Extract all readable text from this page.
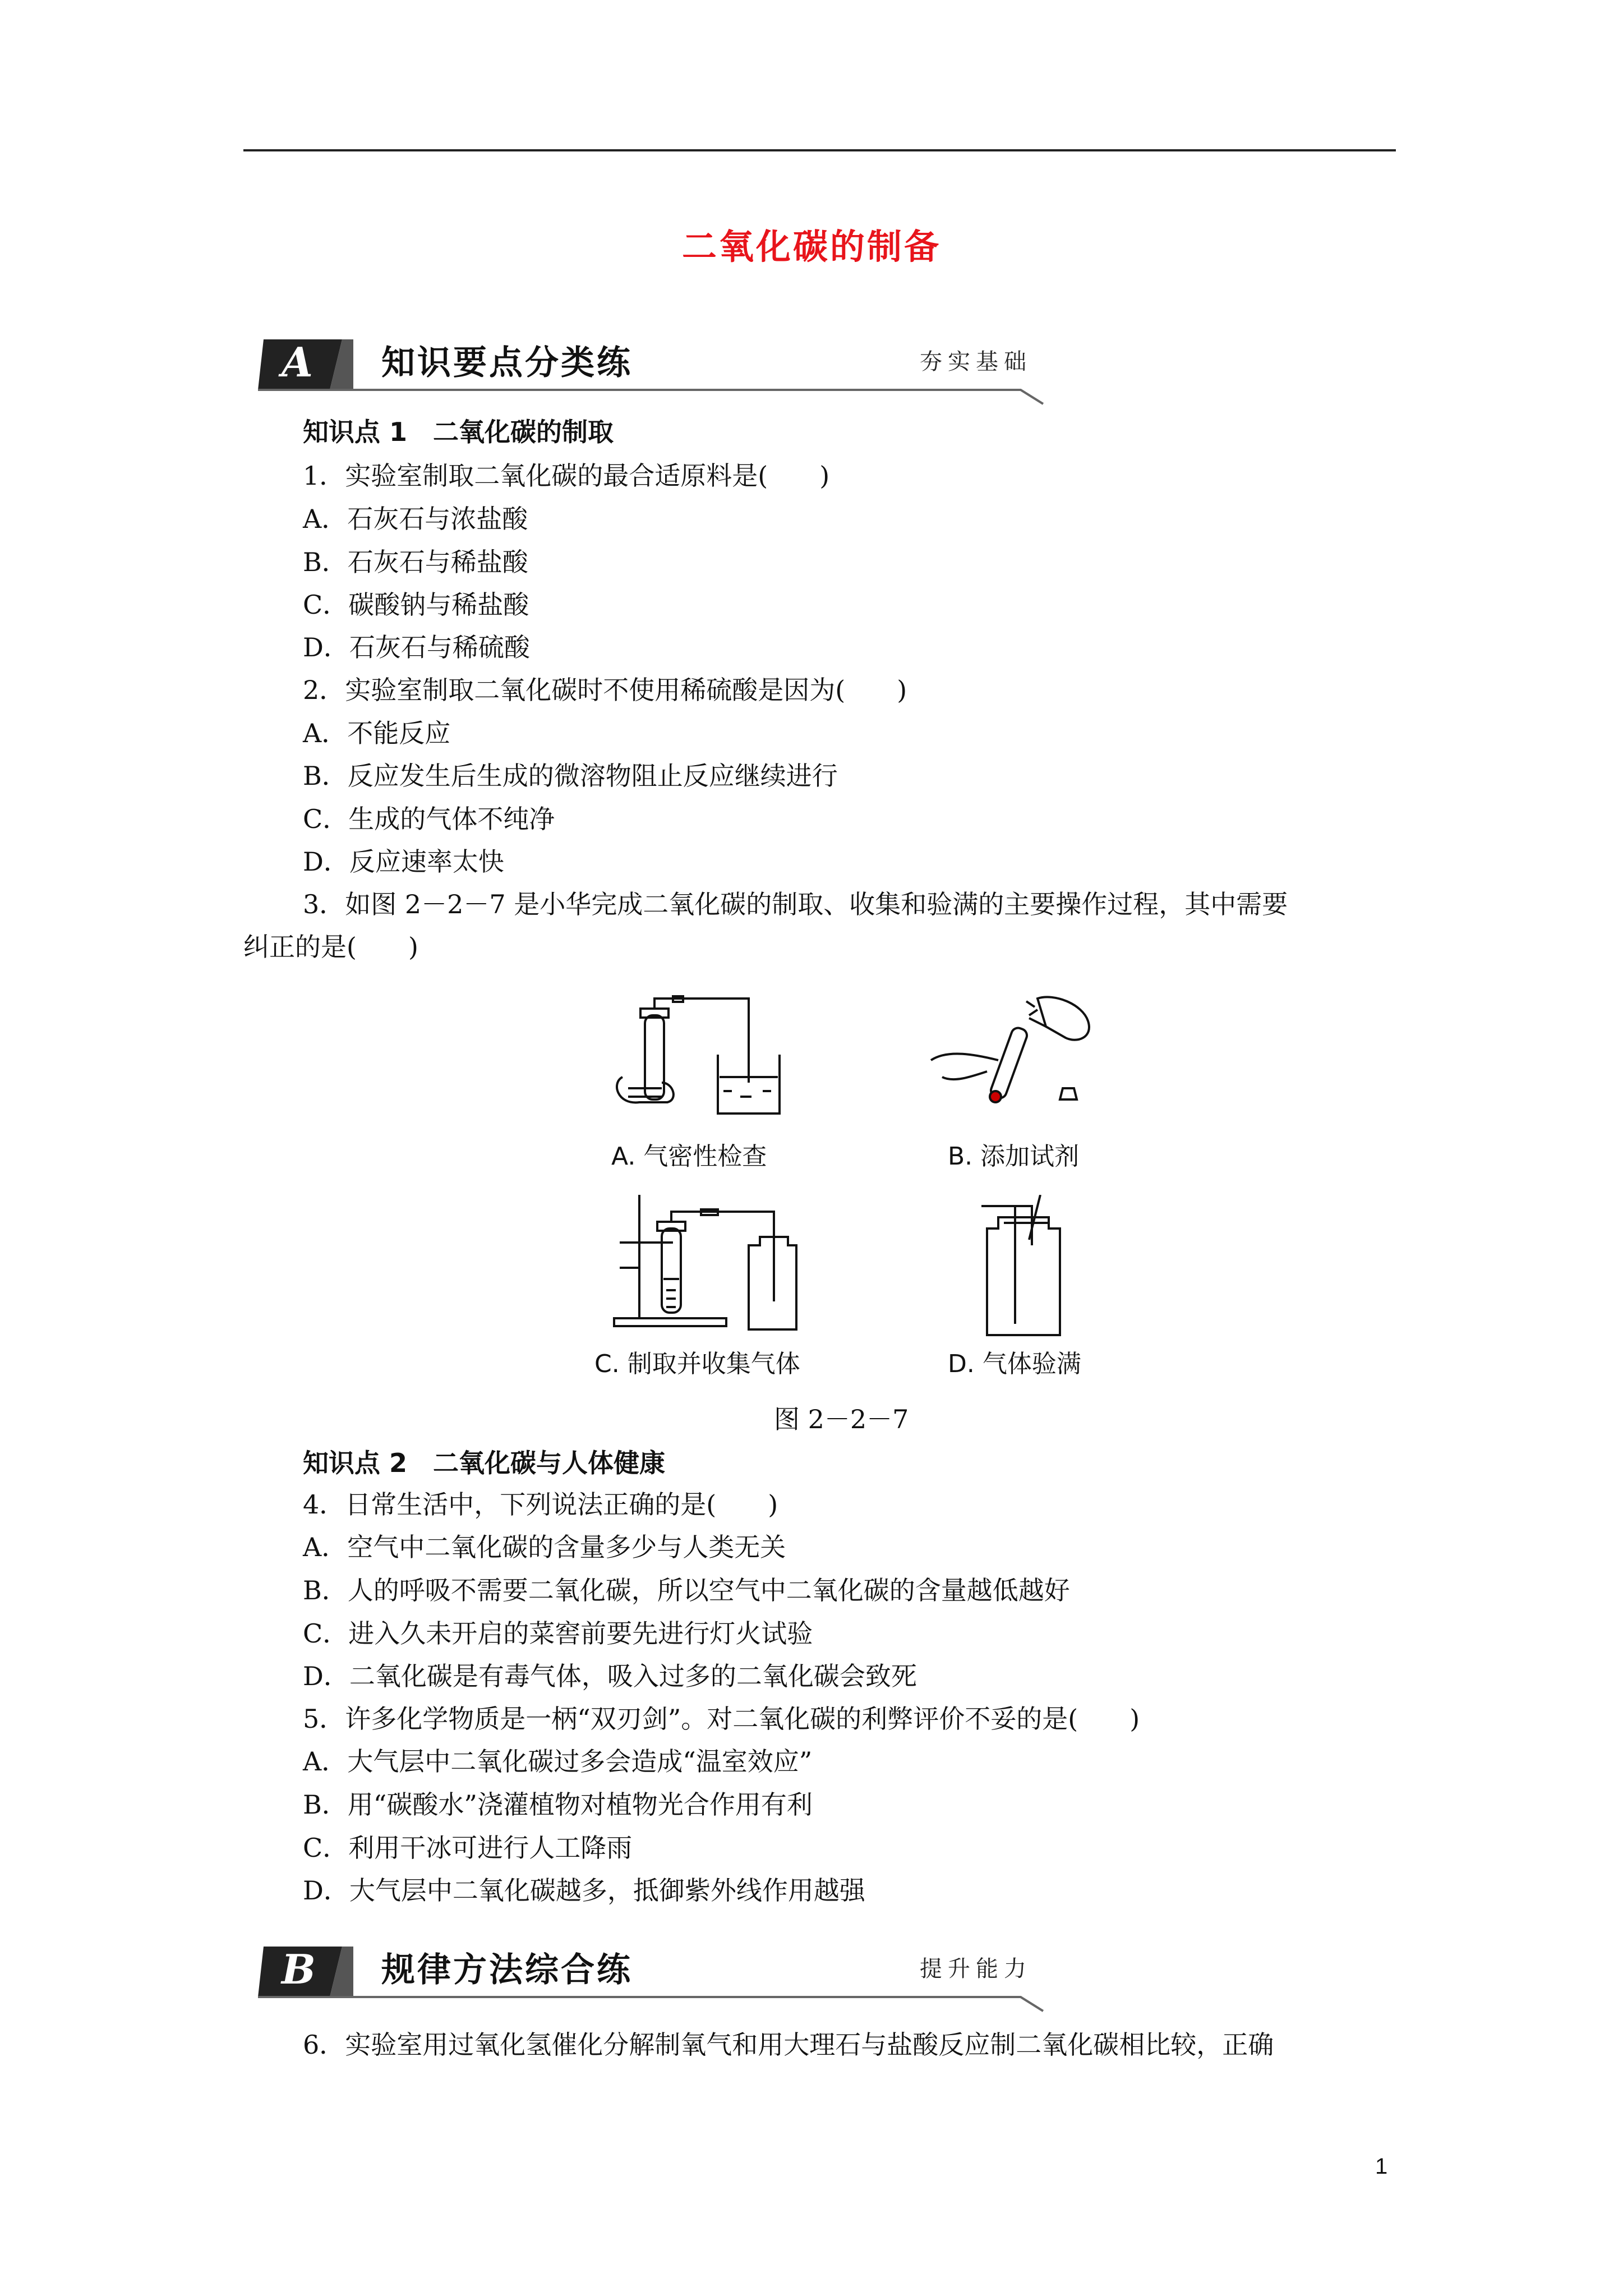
二氧化碳的制备
A 知识要点分类练	夯实基础
知识点 1　二氧化碳的制取
1．实验室制取二氧化碳的最合适原料是(　　)
A．石灰石与浓盐酸
B．石灰石与稀盐酸
C．碳酸钠与稀盐酸
D．石灰石与稀硫酸
2．实验室制取二氧化碳时不使用稀硫酸是因为(　　)
A．不能反应
B．反应发生后生成的微溶物阻止反应继续进行
C．生成的气体不纯净
D．反应速率太快
3．如图 2－2－7 是小华完成二氧化碳的制取、收集和验满的主要操作过程，其中需要
纠正的是(　　)
A. 气密性检查	B. 添加试剂
C. 制取并收集气体	D. 气体验满
图 2－2－7
知识点 2　二氧化碳与人体健康
4．日常生活中，下列说法正确的是(　　)
A．空气中二氧化碳的含量多少与人类无关
B．人的呼吸不需要二氧化碳，所以空气中二氧化碳的含量越低越好
C．进入久未开启的菜窖前要先进行灯火试验
D．二氧化碳是有毒气体，吸入过多的二氧化碳会致死
5．许多化学物质是一柄“双刃剑”。对二氧化碳的利弊评价不妥的是(　　)
A．大气层中二氧化碳过多会造成“温室效应”
B．用“碳酸水”浇灌植物对植物光合作用有利
C．利用干冰可进行人工降雨
D．大气层中二氧化碳越多，抵御紫外线作用越强
B 规律方法综合练	提升能力
6．实验室用过氧化氢催化分解制氧气和用大理石与盐酸反应制二氧化碳相比较，正确
1
